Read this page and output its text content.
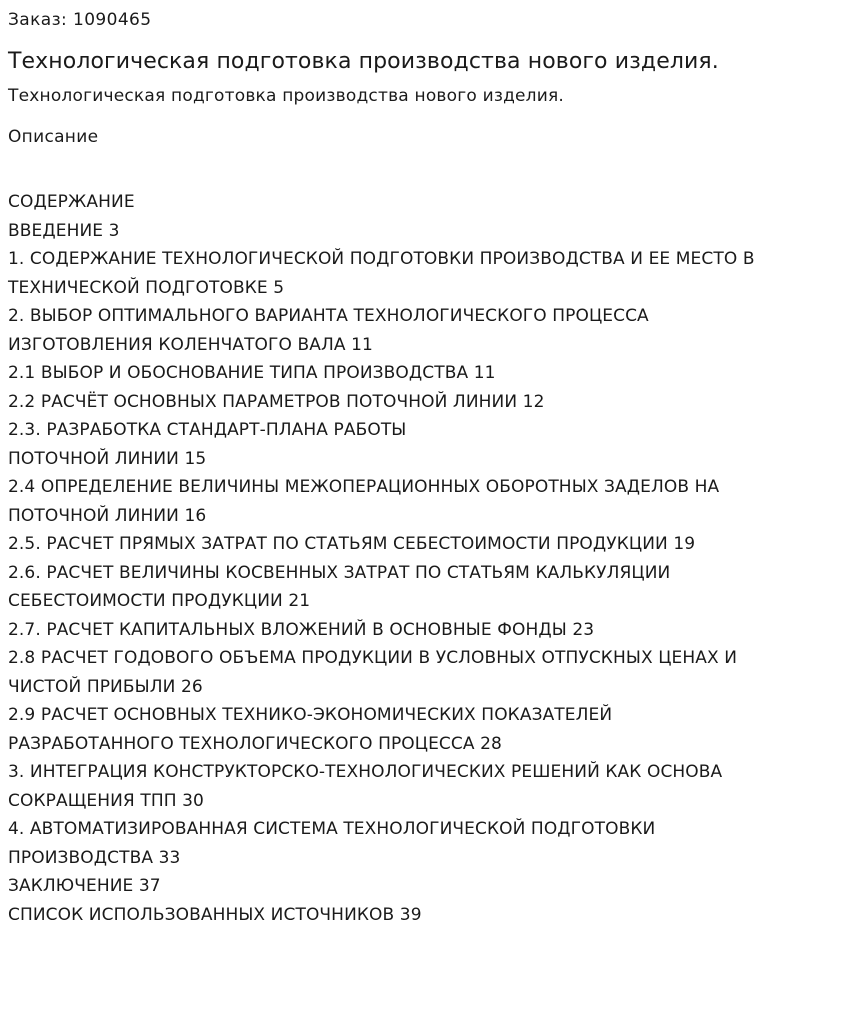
Заказ: 1090465
Технологическая подготовка производства нового изделия.
Технологическая подготовка производства нового изделия.
Описание
СОДЕРЖАНИЕ
ВВЕДЕНИЕ 3
1. СОДЕРЖАНИЕ ТЕХНОЛОГИЧЕСКОЙ ПОДГОТОВКИ ПРОИЗВОДСТВА И ЕЕ МЕСТО В
ТЕХНИЧЕСКОЙ ПОДГОТОВКЕ 5
2. ВЫБОР ОПТИМАЛЬНОГО ВАРИАНТА ТЕХНОЛОГИЧЕСКОГО ПРОЦЕССА
ИЗГОТОВЛЕНИЯ КОЛЕНЧАТОГО ВАЛА 11
2.1 ВЫБОР И ОБОСНОВАНИЕ ТИПА ПРОИЗВОДСТВА 11
2.2 РАСЧЁТ ОСНОВНЫХ ПАРАМЕТРОВ ПОТОЧНОЙ ЛИНИИ 12
2.3. РАЗРАБОТКА СТАНДАРТ-ПЛАНА РАБОТЫ
ПОТОЧНОЙ ЛИНИИ 15
2.4 ОПРЕДЕЛЕНИЕ ВЕЛИЧИНЫ МЕЖОПЕРАЦИОННЫХ ОБОРОТНЫХ ЗАДЕЛОВ НА
ПОТОЧНОЙ ЛИНИИ 16
2.5. РАСЧЕТ ПРЯМЫХ ЗАТРАТ ПО СТАТЬЯМ СЕБЕСТОИМОСТИ ПРОДУКЦИИ 19
2.6. РАСЧЕТ ВЕЛИЧИНЫ КОСВЕННЫХ ЗАТРАТ ПО СТАТЬЯМ КАЛЬКУЛЯЦИИ
СЕБЕСТОИМОСТИ ПРОДУКЦИИ 21
2.7. РАСЧЕТ КАПИТАЛЬНЫХ ВЛОЖЕНИЙ В ОСНОВНЫЕ ФОНДЫ 23
2.8 РАСЧЕТ ГОДОВОГО ОБЪЕМА ПРОДУКЦИИ В УСЛОВНЫХ ОТПУСКНЫХ ЦЕНАХ И
ЧИСТОЙ ПРИБЫЛИ 26
2.9 РАСЧЕТ ОСНОВНЫХ ТЕХНИКО-ЭКОНОМИЧЕСКИХ ПОКАЗАТЕЛЕЙ
РАЗРАБОТАННОГО ТЕХНОЛОГИЧЕСКОГО ПРОЦЕССА 28
3. ИНТЕГРАЦИЯ КОНСТРУКТОРСКО-ТЕХНОЛОГИЧЕСКИХ РЕШЕНИЙ КАК ОСНОВА
СОКРАЩЕНИЯ ТПП 30
4. АВТОМАТИЗИРОВАННАЯ СИСТЕМА ТЕХНОЛОГИЧЕСКОЙ ПОДГОТОВКИ
ПРОИЗВОДСТВА 33
ЗАКЛЮЧЕНИЕ 37
СПИСОК ИСПОЛЬЗОВАННЫХ ИСТОЧНИКОВ 39
